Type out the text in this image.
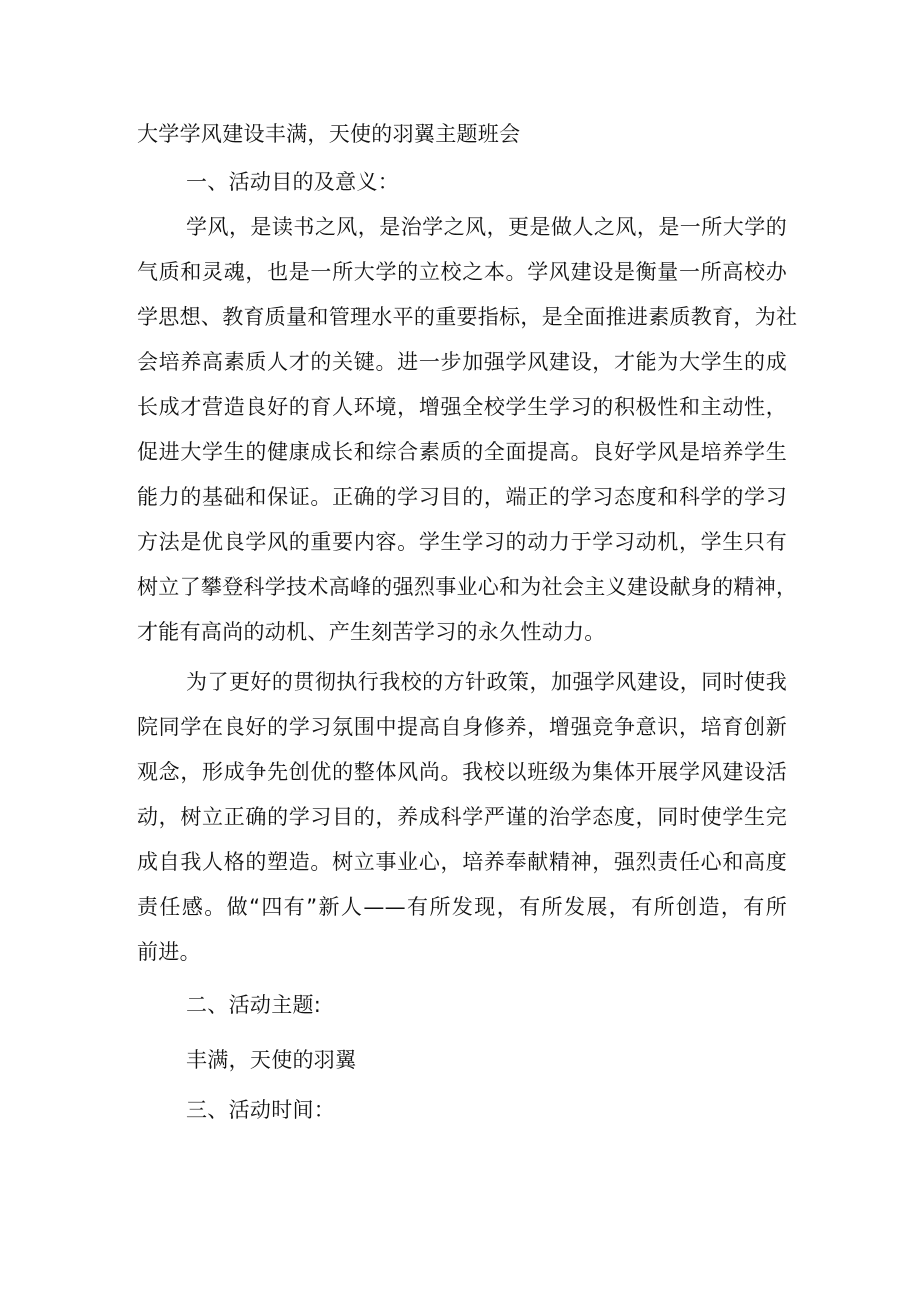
大学学风建设丰满，天使的羽翼主题班会
一、活动目的及意义：
学风，是读书之风，是治学之风，更是做人之风，是一所大学的
气质和灵魂，也是一所大学的立校之本。学风建设是衡量一所高校办
学思想、教育质量和管理水平的重要指标，是全面推进素质教育，为社
会培养高素质人才的关键。进一步加强学风建设，才能为大学生的成
长成才营造良好的育人环境，增强全校学生学习的积极性和主动性，
促进大学生的健康成长和综合素质的全面提高。良好学风是培养学生
能力的基础和保证。正确的学习目的，端正的学习态度和科学的学习
方法是优良学风的重要内容。学生学习的动力于学习动机，学生只有
树立了攀登科学技术高峰的强烈事业心和为社会主义建设献身的精神，
才能有高尚的动机、产生刻苦学习的永久性动力。
为了更好的贯彻执行我校的方针政策，加强学风建设，同时使我
院同学在良好的学习氛围中提高自身修养，增强竞争意识，培育创新
观念，形成争先创优的整体风尚。我校以班级为集体开展学风建设活
动，树立正确的学习目的，养成科学严谨的治学态度，同时使学生完
成自我人格的塑造。树立事业心，培养奉献精神，强烈责任心和高度
责任感。做“四有”新人——有所发现，有所发展，有所创造，有所
前进。
二、活动主题:
丰满，天使的羽翼
三、活动时间：
